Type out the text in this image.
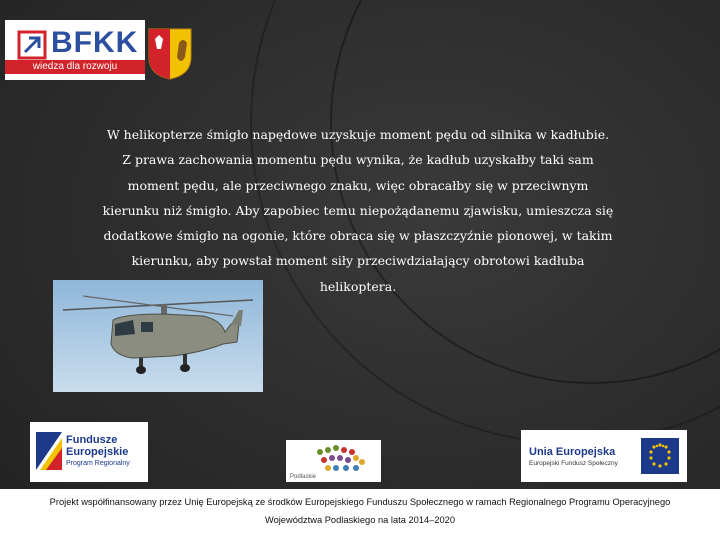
BFKK
wiedza dla rozwoju
W helikopterze śmigło napędowe uzyskuje moment pędu od silnika w kadłubie.
Z prawa zachowania momentu pędu wynika, że kadłub uzyskałby taki sam
moment pędu, ale przeciwnego znaku, więc obracałby się w przeciwnym
kierunku niż śmigło. Aby zapobiec temu niepożądanemu zjawisku, umieszcza się
dodatkowe śmigło na ogonie, które obraca się w płaszczyźnie pionowej, w takim
kierunku, aby powstał moment siły przeciwdziałający obrotowi kadłuba
helikoptera.
Fundusze
Europejskie
Program Regionalny
Podlaskie
Unia Europejska
Europejski Fundusz Społeczny
Projekt współfinansowany przez Unię Europejską ze środków Europejskiego Funduszu Społecznego w ramach Regionalnego Programu Operacyjnego
Województwa Podlaskiego na lata 2014–2020
